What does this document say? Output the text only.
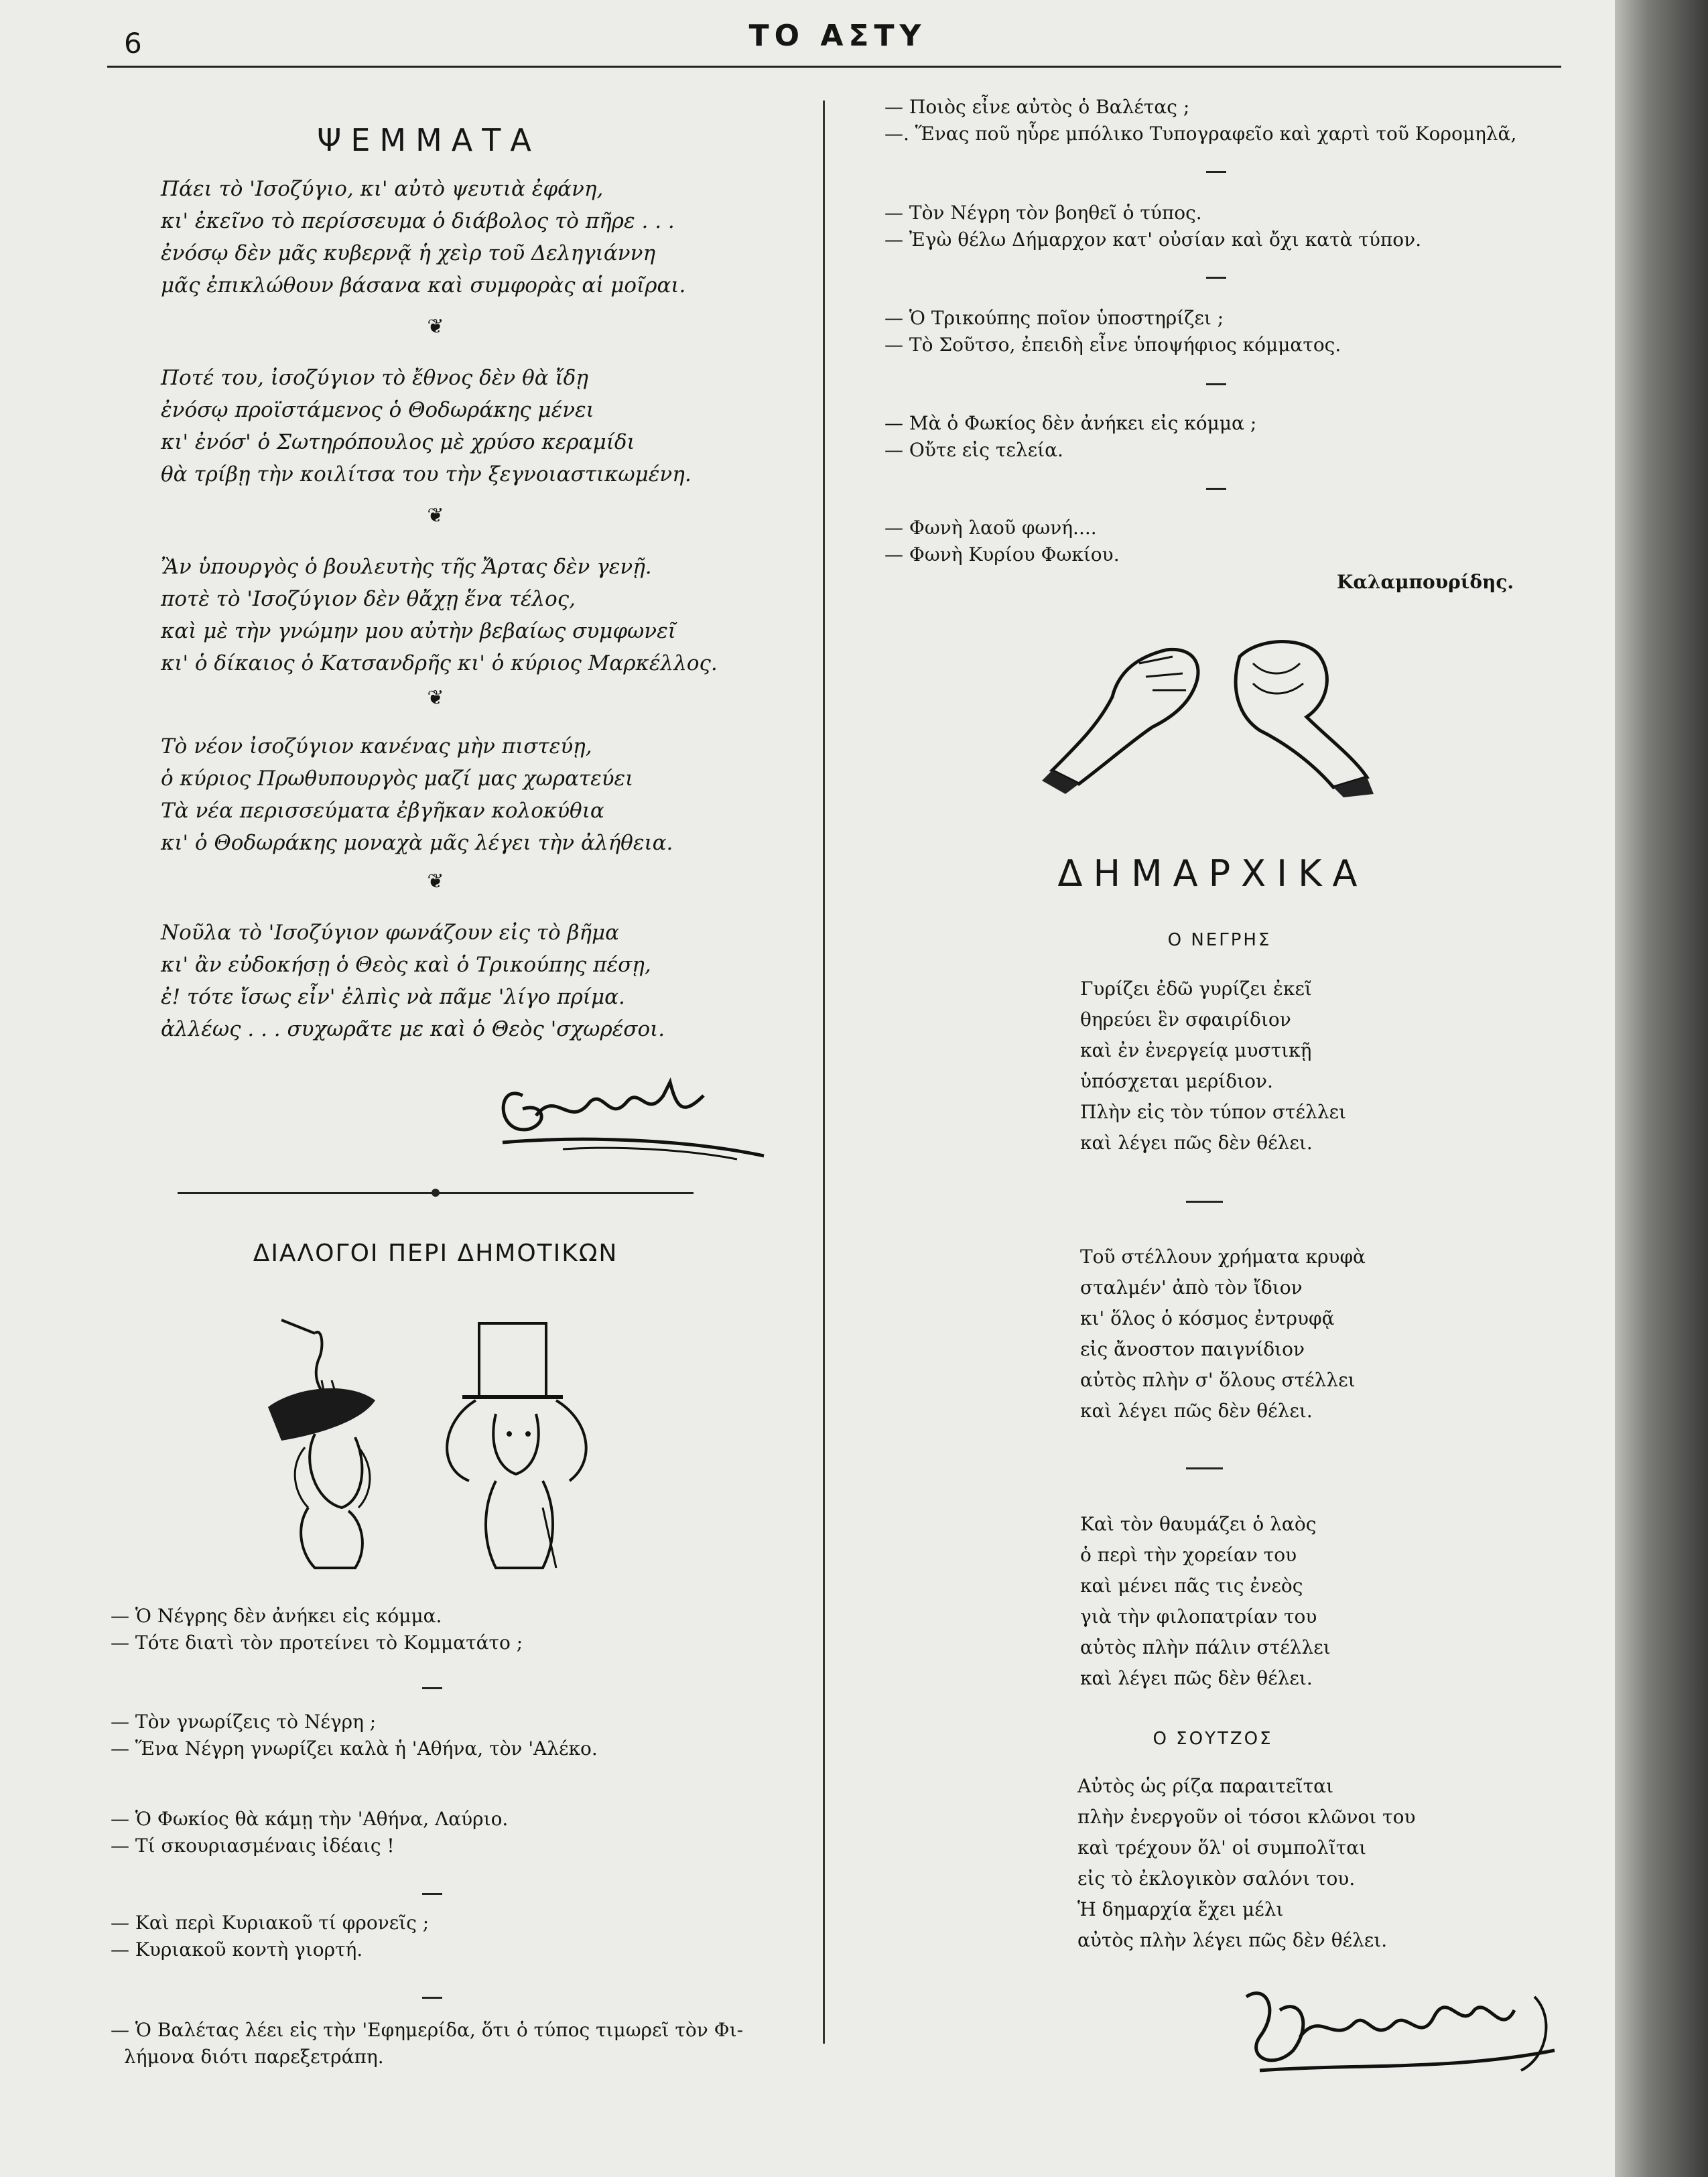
6	ΤΟ ΑΣΤΥ
ΨΕΜΜΑΤΑ
Πάει τὸ 'Ισοζύγιο, κι' αὐτὸ ψευτιὰ ἐφάνη,
κι' ἐκεῖνο τὸ περίσσευμα ὁ διάβολος τὸ πῆρε . . .
ἐνόσῳ δὲν μᾶς κυβερνᾷ ἡ χεὶρ τοῦ Δεληγιάννη
μᾶς ἐπικλώθουν βάσανα καὶ συμφορὰς αἱ μοῖραι.
❦
Ποτέ του, ἰσοζύγιον τὸ ἔθνος δὲν θὰ ἴδῃ
ἐνόσῳ προϊστάμενος ὁ Θοδωράκης μένει
κι' ἐνόσ' ὁ Σωτηρόπουλος μὲ χρύσο κεραμίδι
θὰ τρίβῃ τὴν κοιλίτσα του τὴν ξεγνοιαστικωμένη.
❦
Ἂν ὑπουργὸς ὁ βουλευτὴς τῆς Ἄρτας δὲν γενῇ.
ποτὲ τὸ 'Ισοζύγιον δὲν θἄχῃ ἕνα τέλος,
καὶ μὲ τὴν γνώμην μου αὐτὴν βεβαίως συμφωνεῖ
κι' ὁ δίκαιος ὁ Κατσανδρῆς κι' ὁ κύριος Μαρκέλλος.
❦
Τὸ νέον ἰσοζύγιον κανένας μὴν πιστεύῃ,
ὁ κύριος Πρωθυπουργὸς μαζί μας χωρατεύει
Τὰ νέα περισσεύματα ἐβγῆκαν κολοκύθια
κι' ὁ Θοδωράκης μοναχὰ μᾶς λέγει τὴν ἀλήθεια.
❦
Νοῦλα τὸ 'Ισοζύγιον φωνάζουν εἰς τὸ βῆμα
κι' ἂν εὐδοκήσῃ ὁ Θεὸς καὶ ὁ Τρικούπης πέσῃ,
ἐ! τότε ἴσως εἶν' ἐλπὶς νὰ πᾶμε 'λίγο πρίμα.
ἀλλέως . . . συχωρᾶτε με καὶ ὁ Θεὸς 'σχωρέσοι.
ΔΙΑΛΟΓΟΙ ΠΕΡΙ ΔΗΜΟΤΙΚΩΝ
— Ὁ Νέγρης δὲν ἀνήκει εἰς κόμμα.
— Τότε διατὶ τὸν προτείνει τὸ Κομματάτο ;
— Τὸν γνωρίζεις τὸ Νέγρη ;
— Ἕνα Νέγρη γνωρίζει καλὰ ἡ 'Αθήνα, τὸν 'Αλέκο.
— Ὁ Φωκίος θὰ κάμῃ τὴν 'Αθήνα, Λαύριο.
— Τί σκουριασμέναις ἰδέαις !
— Καὶ περὶ Κυριακοῦ τί φρονεῖς ;
— Κυριακοῦ κοντὴ γιορτή.
— Ὁ Βαλέτας λέει εἰς τὴν 'Εφημερίδα, ὅτι ὁ τύπος τιμωρεῖ τὸν Φι-
λήμονα διότι παρεξετράπη.
— Ποιὸς εἶνε αὐτὸς ὁ Βαλέτας ;
—. Ἕνας ποῦ ηὗρε μπόλικο Τυπογραφεῖο καὶ χαρτὶ τοῦ Κορομηλᾶ,
— Τὸν Νέγρη τὸν βοηθεῖ ὁ τύπος.
— Ἐγὼ θέλω Δήμαρχον κατ' οὐσίαν καὶ ὄχι κατὰ τύπον.
— Ὁ Τρικούπης ποῖον ὑποστηρίζει ;
— Τὸ Σοῦτσο, ἐπειδὴ εἶνε ὑποψήφιος κόμματος.
— Μὰ ὁ Φωκίος δὲν ἀνήκει εἰς κόμμα ;
— Οὔτε εἰς τελεία.
— Φωνὴ λαοῦ φωνή....
— Φωνὴ Κυρίου Φωκίου.
Καλαμπουρίδης.
ΔΗΜΑΡΧΙΚΑ
Ο ΝΕΓΡΗΣ
Γυρίζει ἐδῶ γυρίζει ἐκεῖ
θηρεύει ἓν σφαιρίδιον
καὶ ἐν ἐνεργείᾳ μυστικῇ
ὑπόσχεται μερίδιον.
Πλὴν εἰς τὸν τύπον στέλλει
καὶ λέγει πῶς δὲν θέλει.
Τοῦ στέλλουν χρήματα κρυφὰ
σταλμέν' ἀπὸ τὸν ἴδιον
κι' ὅλος ὁ κόσμος ἐντρυφᾷ
εἰς ἄνοστον παιγνίδιον
αὐτὸς πλὴν σ' ὅλους στέλλει
καὶ λέγει πῶς δὲν θέλει.
Καὶ τὸν θαυμάζει ὁ λαὸς
ὁ περὶ τὴν χορείαν του
καὶ μένει πᾶς τις ἐνεὸς
γιὰ τὴν φιλοπατρίαν του
αὐτὸς πλὴν πάλιν στέλλει
καὶ λέγει πῶς δὲν θέλει.
Ο ΣΟΥΤΖΟΣ
Αὐτὸς ὡς ρίζα παραιτεῖται
πλὴν ἐνεργοῦν οἱ τόσοι κλῶνοι του
καὶ τρέχουν ὅλ' οἱ συμπολῖται
εἰς τὸ ἐκλογικὸν σαλόνι του.
Ἡ δημαρχία ἔχει μέλι
αὐτὸς πλὴν λέγει πῶς δὲν θέλει.
